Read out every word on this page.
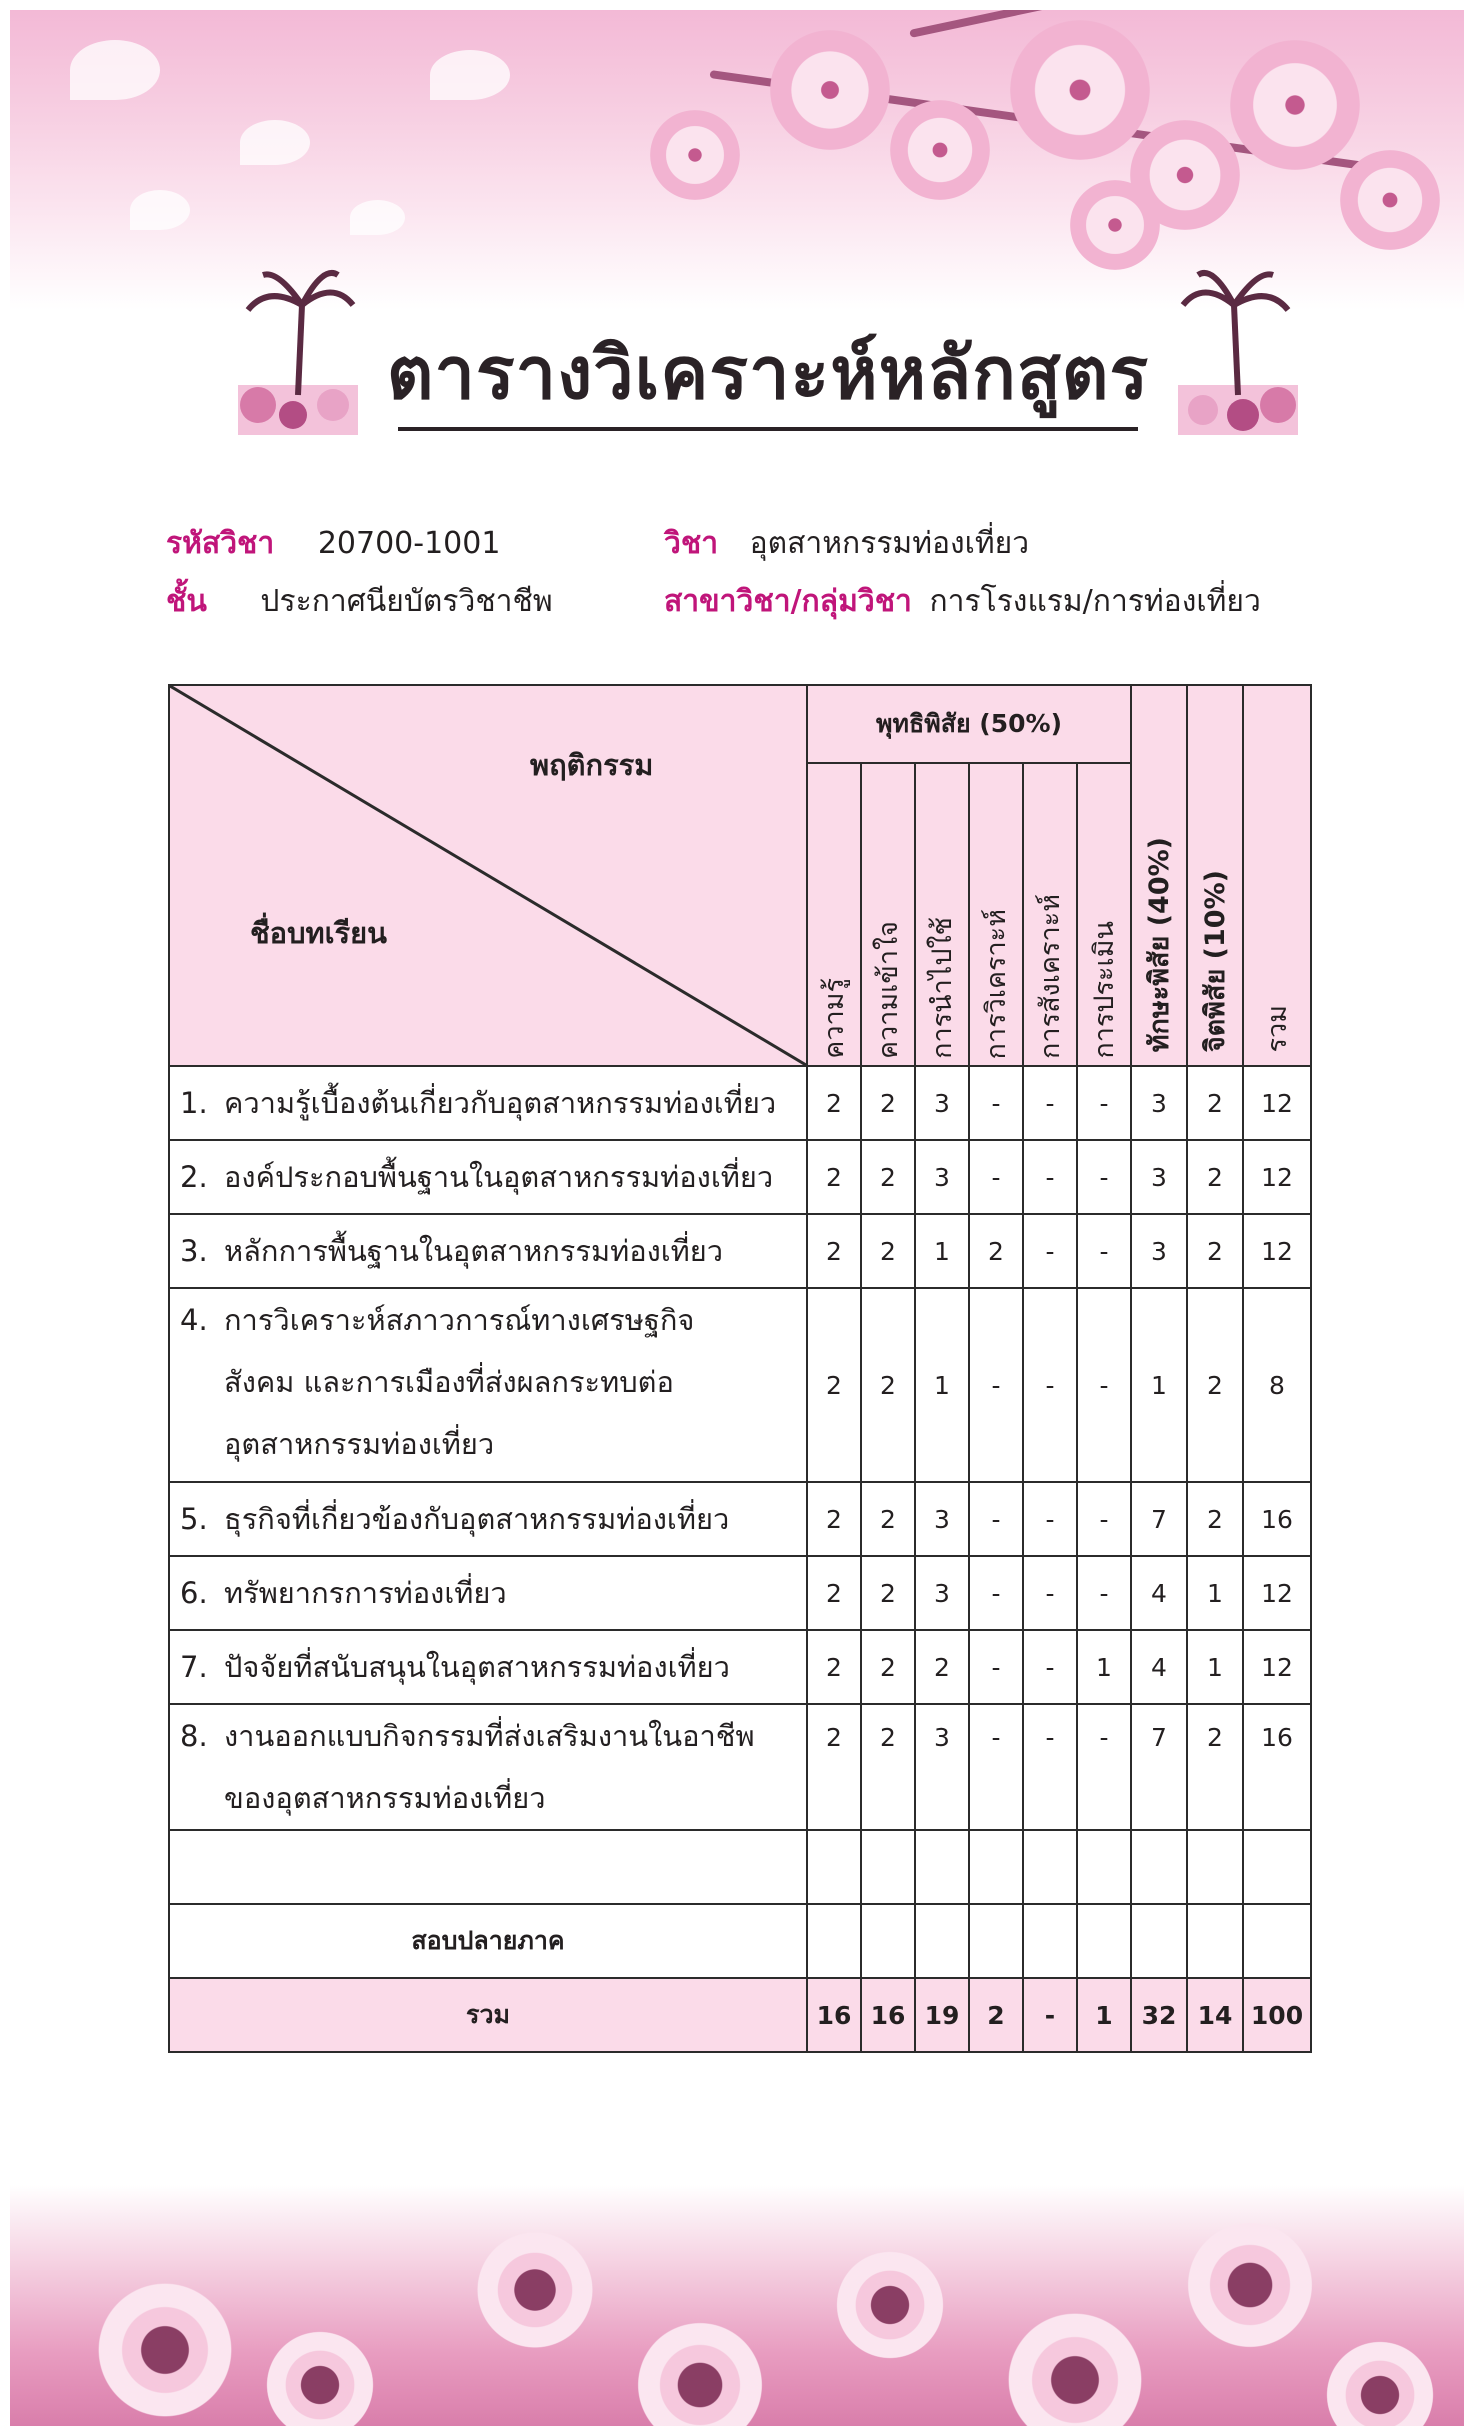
ตารางวิเคราะห์หลักสูตร
รหัสวิชา 20700-1001	วิชา อุตสาหกรรมท่องเที่ยว
ชั้น ประกาศนียบัตรวิชาชีพ	สาขาวิชา/กลุ่มวิชา การโรงแรม/การท่องเที่ยว
พฤติกรรม
ชื่อบทเรียน	พุทธิพิสัย (50%)						ทักษะพิสัย (40%)	จิตพิสัย (10%)	รวม

	ความรู้	ความเข้าใจ	การนำไปใช้	การวิเคราะห์	การสังเคราะห์	การประเมิน			

1. ความรู้เบื้องต้นเกี่ยวกับอุตสาหกรรมท่องเที่ยว	2	2	3	-	-	-	3	2	12

2. องค์ประกอบพื้นฐานในอุตสาหกรรมท่องเที่ยว	2	2	3	-	-	-	3	2	12

3. หลักการพื้นฐานในอุตสาหกรรมท่องเที่ยว	2	2	1	2	-	-	3	2	12

4. การวิเคราะห์สภาวการณ์ทางเศรษฐกิจ
สังคม และการเมืองที่ส่งผลกระทบต่อ
อุตสาหกรรมท่องเที่ยว	2	2	1	-	-	-	1	2	8

5. ธุรกิจที่เกี่ยวข้องกับอุตสาหกรรมท่องเที่ยว	2	2	3	-	-	-	7	2	16

6. ทรัพยากรการท่องเที่ยว	2	2	3	-	-	-	4	1	12

7. ปัจจัยที่สนับสนุนในอุตสาหกรรมท่องเที่ยว	2	2	2	-	-	1	4	1	12

8. งานออกแบบกิจกรรมที่ส่งเสริมงานในอาชีพ
ของอุตสาหกรรมท่องเที่ยว	2	2	3	-	-	-	7	2	16

สอบปลายภาค									
รวม	16	16	19	2	-	1	32	14	100
